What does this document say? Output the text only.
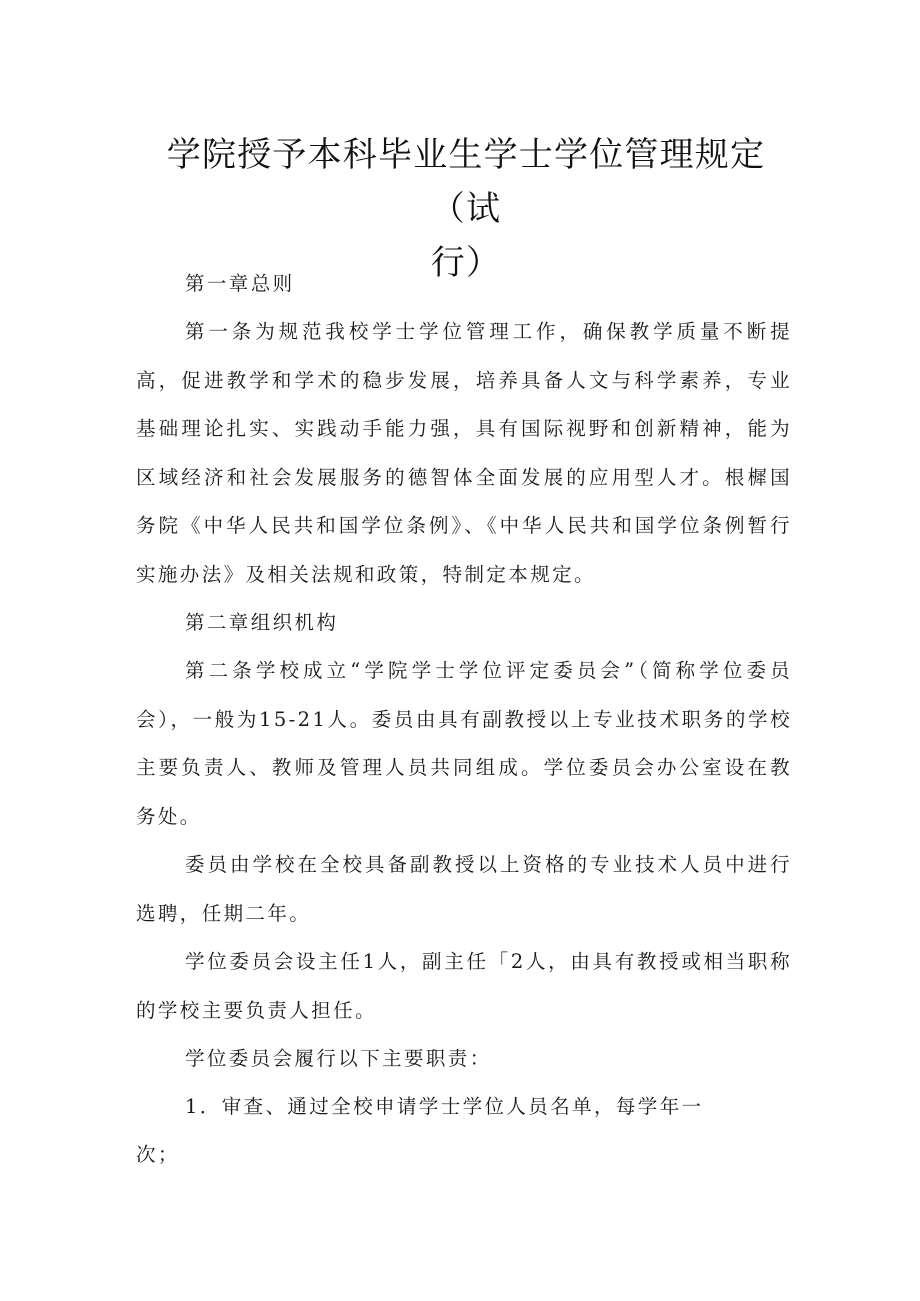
学院授予本科毕业生学士学位管理规定（试
行）

第一章总则

第一条为规范我校学士学位管理工作，确保教学质量不断提高，促进教学和学术的稳步发展，培养具备人文与科学素养，专业基础理论扎实、实践动手能力强，具有国际视野和创新精神，能为区域经济和社会发展服务的德智体全面发展的应用型人才。根樨国务院《中华人民共和国学位条例》、《中华人民共和国学位条例暂行实施办法》及相关法规和政策，特制定本规定。

第二章组织机构

第二条学校成立“学院学士学位评定委员会”（简称学位委员会），一般为15-21人。委员由具有副教授以上专业技术职务的学校主要负责人、教师及管理人员共同组成。学位委员会办公室设在教务处。

委员由学校在全校具备副教授以上资格的专业技术人员中进行选聘，任期二年。

学位委员会设主任1人，副主任「2人，由具有教授或相当职称的学校主要负责人担任。

学位委员会履行以下主要职责：

1．审查、通过全校申请学士学位人员名单，每学年一

次；
